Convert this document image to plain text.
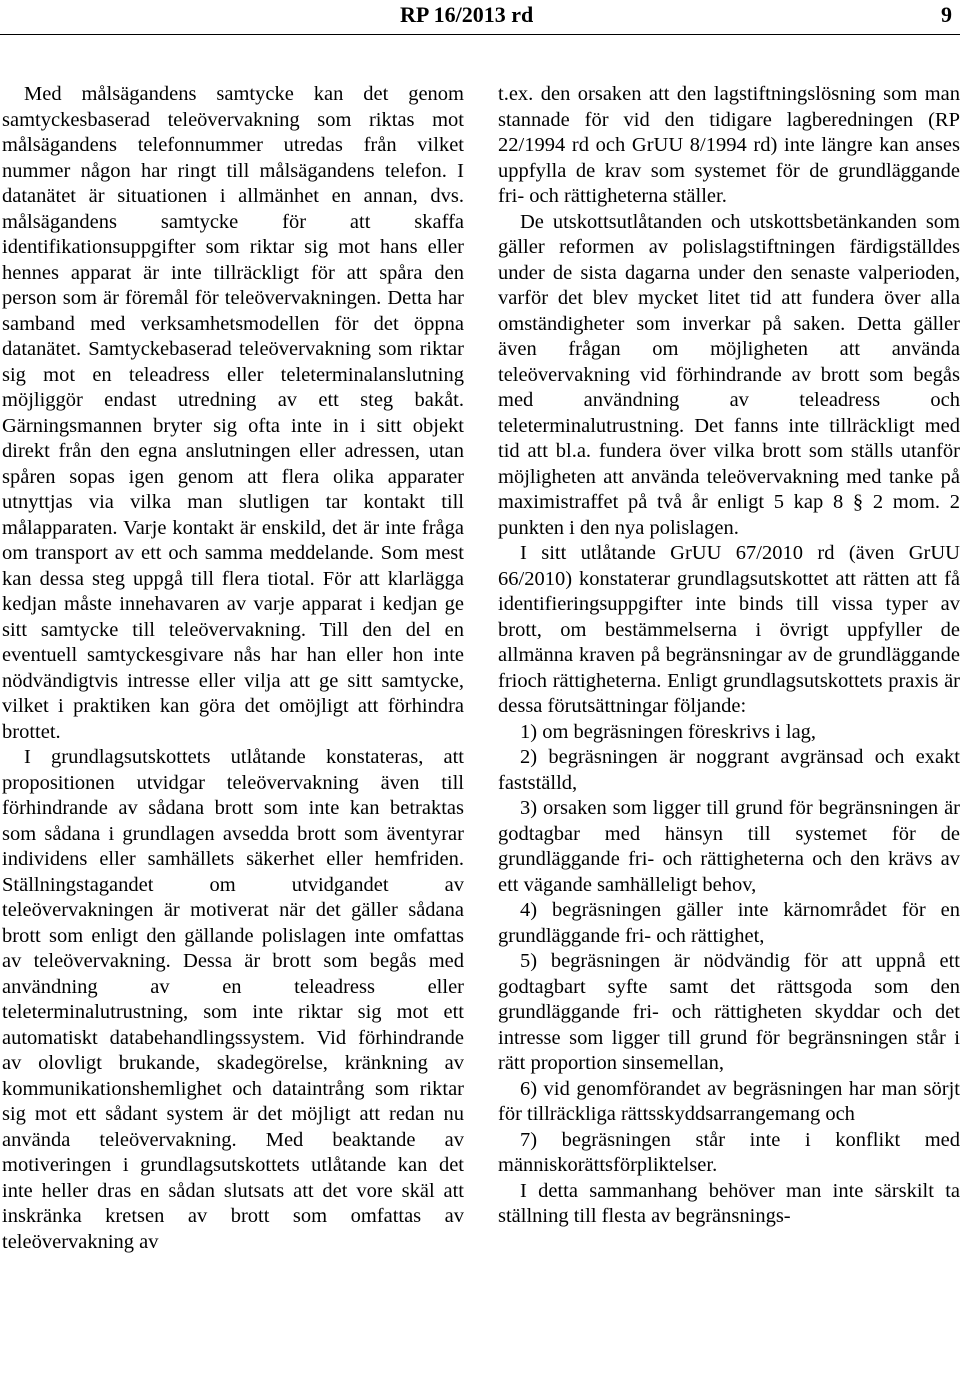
RP 16/2013 rd	9

Med målsägandens samtycke kan det genom samtyckesbaserad teleövervakning som riktas mot målsägandens telefonnummer utredas från vilket nummer någon har ringt till målsägandens telefon. I datanätet är situationen i allmänhet en annan, dvs. målsägandens samtycke för att skaffa identifikationsuppgifter som riktar sig mot hans eller hennes apparat är inte tillräckligt för att spåra den person som är föremål för teleövervakningen. Detta har samband med verksamhetsmodellen för det öppna datanätet. Samtyckebaserad teleövervakning som riktar sig mot en teleadress eller teleterminalanslutning möjliggör endast utredning av ett steg bakåt. Gärningsmannen bryter sig ofta inte in i sitt objekt direkt från den egna anslutningen eller adressen, utan spåren sopas igen genom att flera olika apparater utnyttjas via vilka man slutligen tar kontakt till målapparaten. Varje kontakt är enskild, det är inte fråga om transport av ett och samma meddelande. Som mest kan dessa steg uppgå till flera tiotal. För att klarlägga kedjan måste innehavaren av varje apparat i kedjan ge sitt samtycke till teleövervakning. Till den del en eventuell samtyckesgivare nås har han eller hon inte nödvändigtvis intresse eller vilja att ge sitt samtycke, vilket i praktiken kan göra det omöjligt att förhindra brottet.

I grundlagsutskottets utlåtande konstateras, att propositionen utvidgar teleövervakning även till förhindrande av sådana brott som inte kan betraktas som sådana i grundlagen avsedda brott som äventyrar individens eller samhällets säkerhet eller hemfriden. Ställningstagandet om utvidgandet av teleövervakningen är motiverat när det gäller sådana brott som enligt den gällande polislagen inte omfattas av teleövervakning. Dessa är brott som begås med användning av en teleadress eller teleterminalutrustning, som inte riktar sig mot ett automatiskt databehandlingssystem. Vid förhindrande av olovligt brukande, skadegörelse, kränkning av kommunikationshemlighet och dataintrång som riktar sig mot ett sådant system är det möjligt att redan nu använda teleövervakning. Med beaktande av motiveringen i grundlagsutskottets utlåtande kan det inte heller dras en sådan slutsats att det vore skäl att inskränka kretsen av brott som omfattas av teleövervakning av

t.ex. den orsaken att den lagstiftningslösning som man stannade för vid den tidigare lagberedningen (RP 22/1994 rd och GrUU 8/1994 rd) inte längre kan anses uppfylla de krav som systemet för de grundläggande fri- och rättigheterna ställer.

De utskottsutlåtanden och utskottsbetänkanden som gäller reformen av polislagstiftningen färdigställdes under de sista dagarna under den senaste valperioden, varför det blev mycket litet tid att fundera över alla omständigheter som inverkar på saken. Detta gäller även frågan om möjligheten att använda teleövervakning vid förhindrande av brott som begås med användning av teleadress och teleterminalutrustning. Det fanns inte tillräckligt med tid att bl.a. fundera över vilka brott som ställs utanför möjligheten att använda teleövervakning med tanke på maximistraffet på två år enligt 5 kap 8 § 2 mom. 2 punkten i den nya polislagen.

I sitt utlåtande GrUU 67/2010 rd (även GrUU 66/2010) konstaterar grundlagsutskottet att rätten att få identifieringsuppgifter inte binds till vissa typer av brott, om bestämmelserna i övrigt uppfyller de allmänna kraven på begränsningar av de grundläggande frioch rättigheterna. Enligt grundlagsutskottets praxis är dessa förutsättningar följande:

1) om begräsningen föreskrivs i lag,

2) begräsningen är noggrant avgränsad och exakt fastställd,

3) orsaken som ligger till grund för begränsningen är godtagbar med hänsyn till systemet för de grundläggande fri- och rättigheterna och den krävs av ett vägande samhälleligt behov,

4) begräsningen gäller inte kärnområdet för en grundläggande fri- och rättighet,

5) begräsningen är nödvändig för att uppnå ett godtagbart syfte samt det rättsgoda som den grundläggande fri- och rättigheten skyddar och det intresse som ligger till grund för begränsningen står i rätt proportion sinsemellan,

6) vid genomförandet av begräsningen har man sörjt för tillräckliga rättsskyddsarrangemang och

7) begräsningen står inte i konflikt med människorättsförpliktelser.

I detta sammanhang behöver man inte särskilt ta ställning till flesta av begränsnings-
